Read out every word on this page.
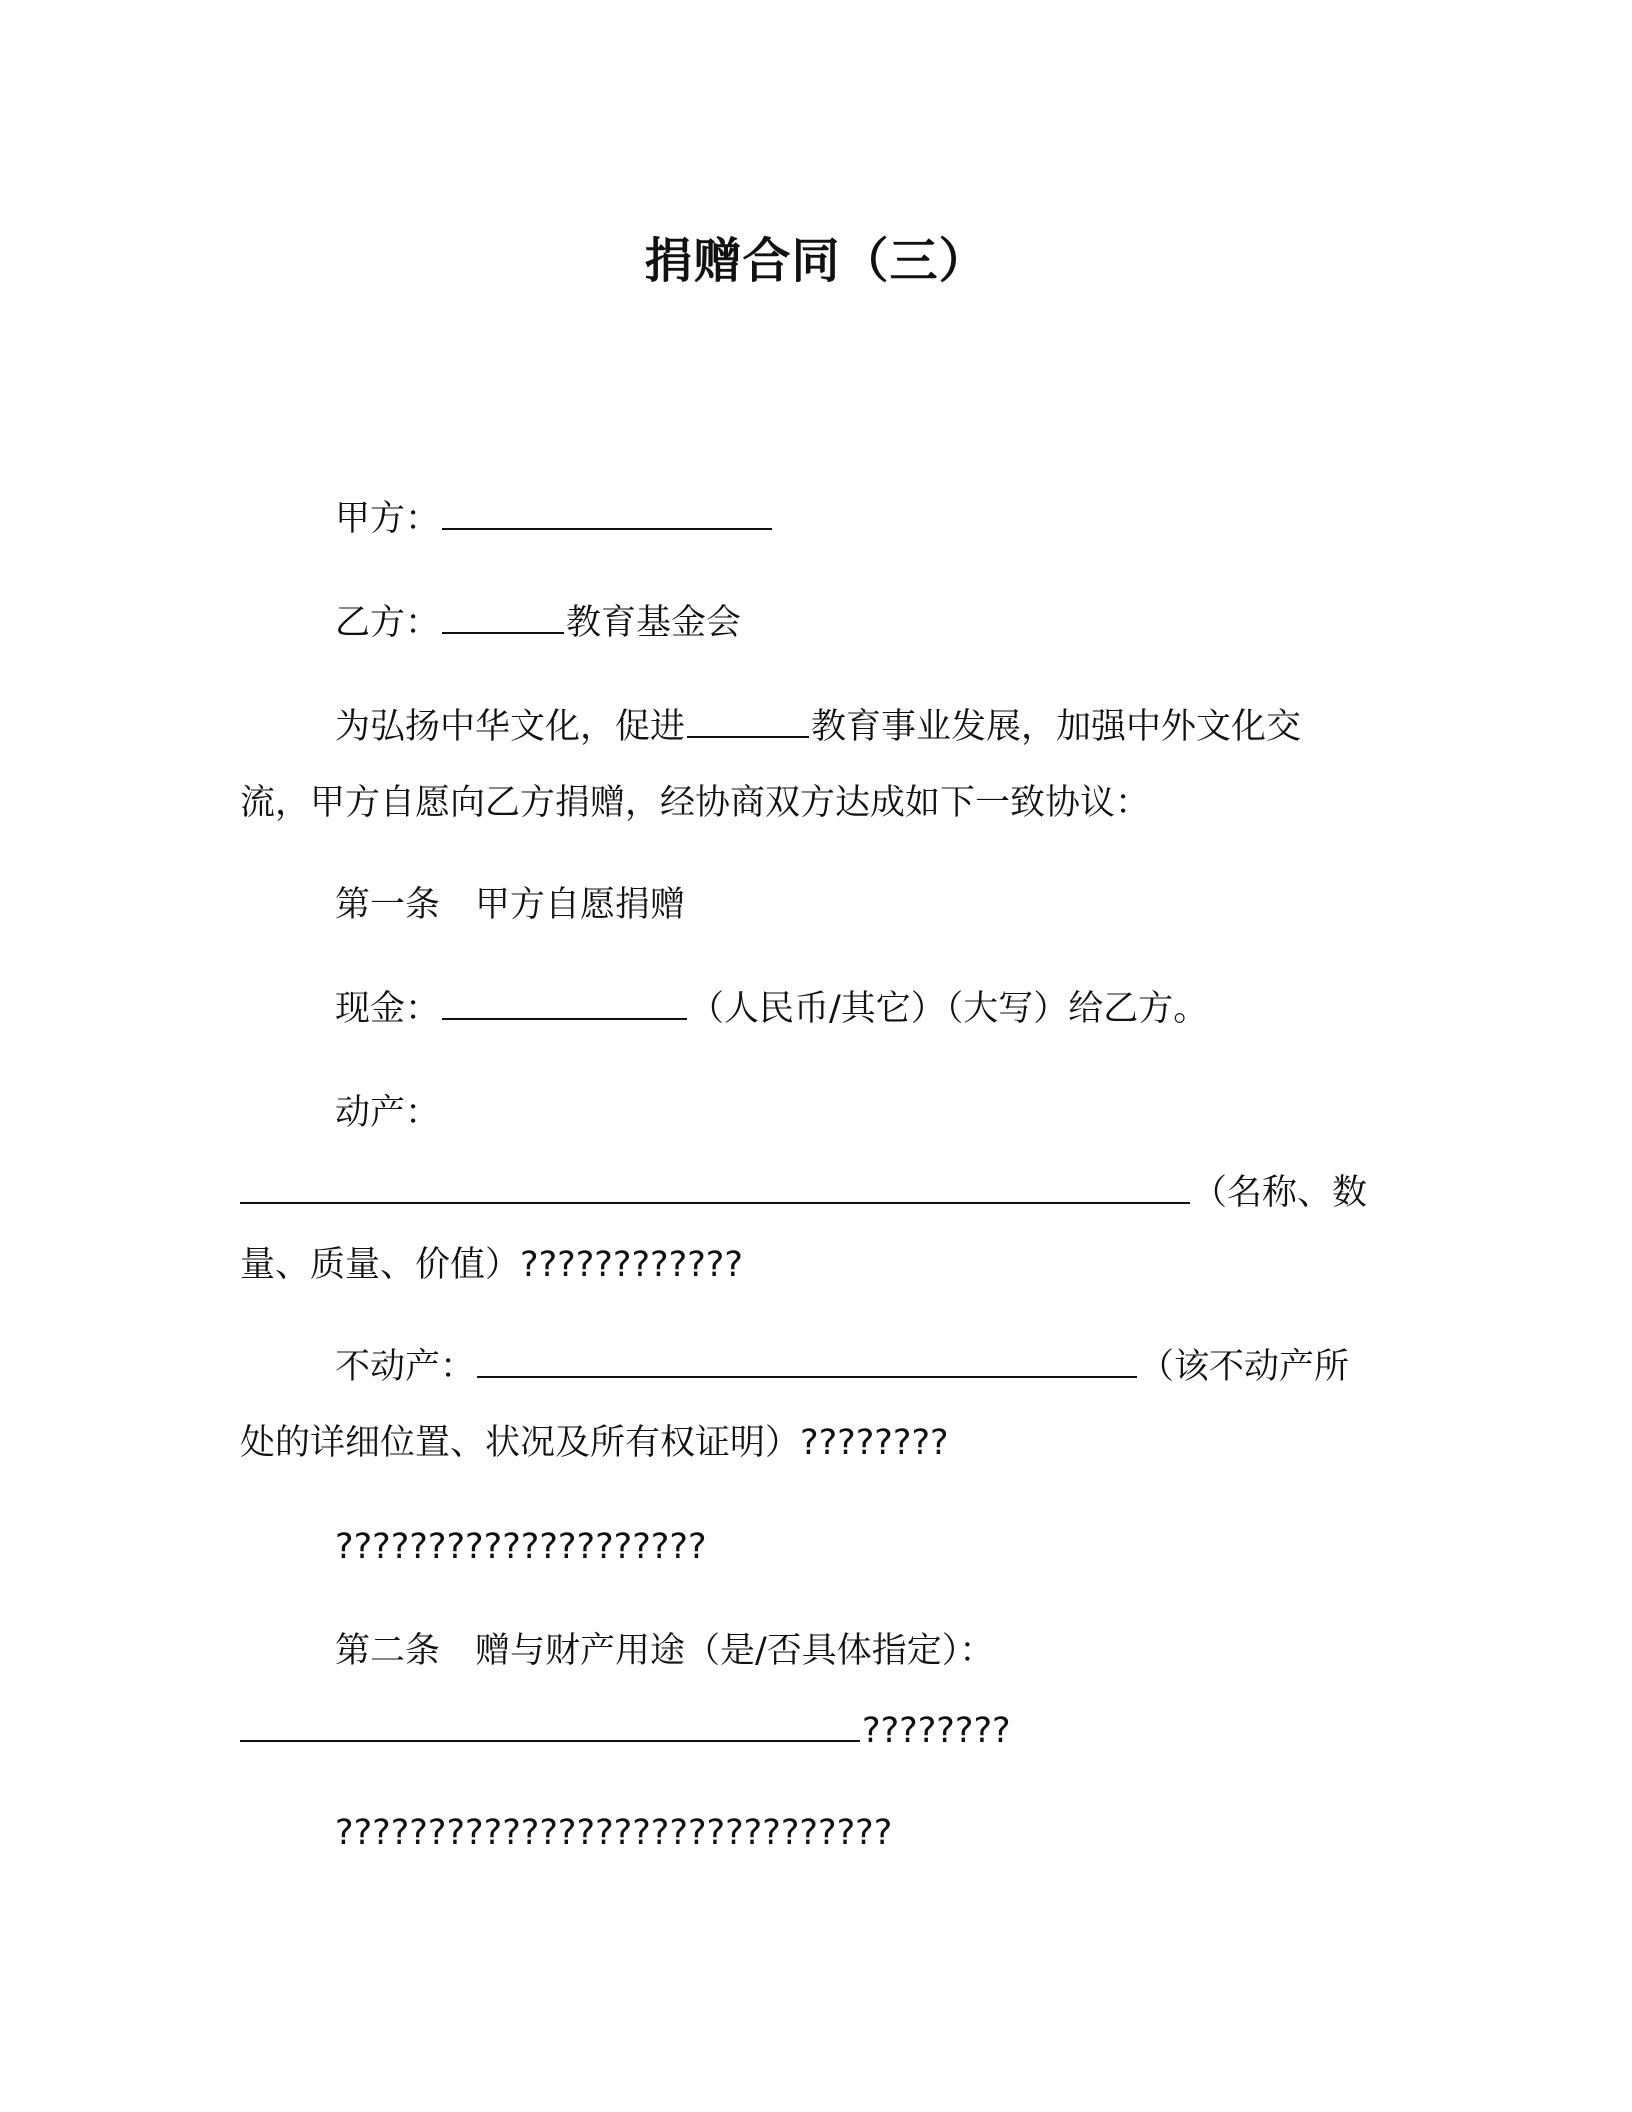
捐赠合同（三）
甲方：
乙方：	教育基金会
为弘扬中华文化，促进	教育事业发展，加强中外文化交
流，甲方自愿向乙方捐赠，经协商双方达成如下一致协议：
第一条　甲方自愿捐赠
现金：	（人民币/其它）（大写）给乙方。
动产：
（名称、数
量、质量、价值）????????????
不动产：	（该不动产所
处的详细位置、状况及所有权证明）????????
????????????????????
第二条　赠与财产用途（是/否具体指定）：
????????
??????????????????????????????
